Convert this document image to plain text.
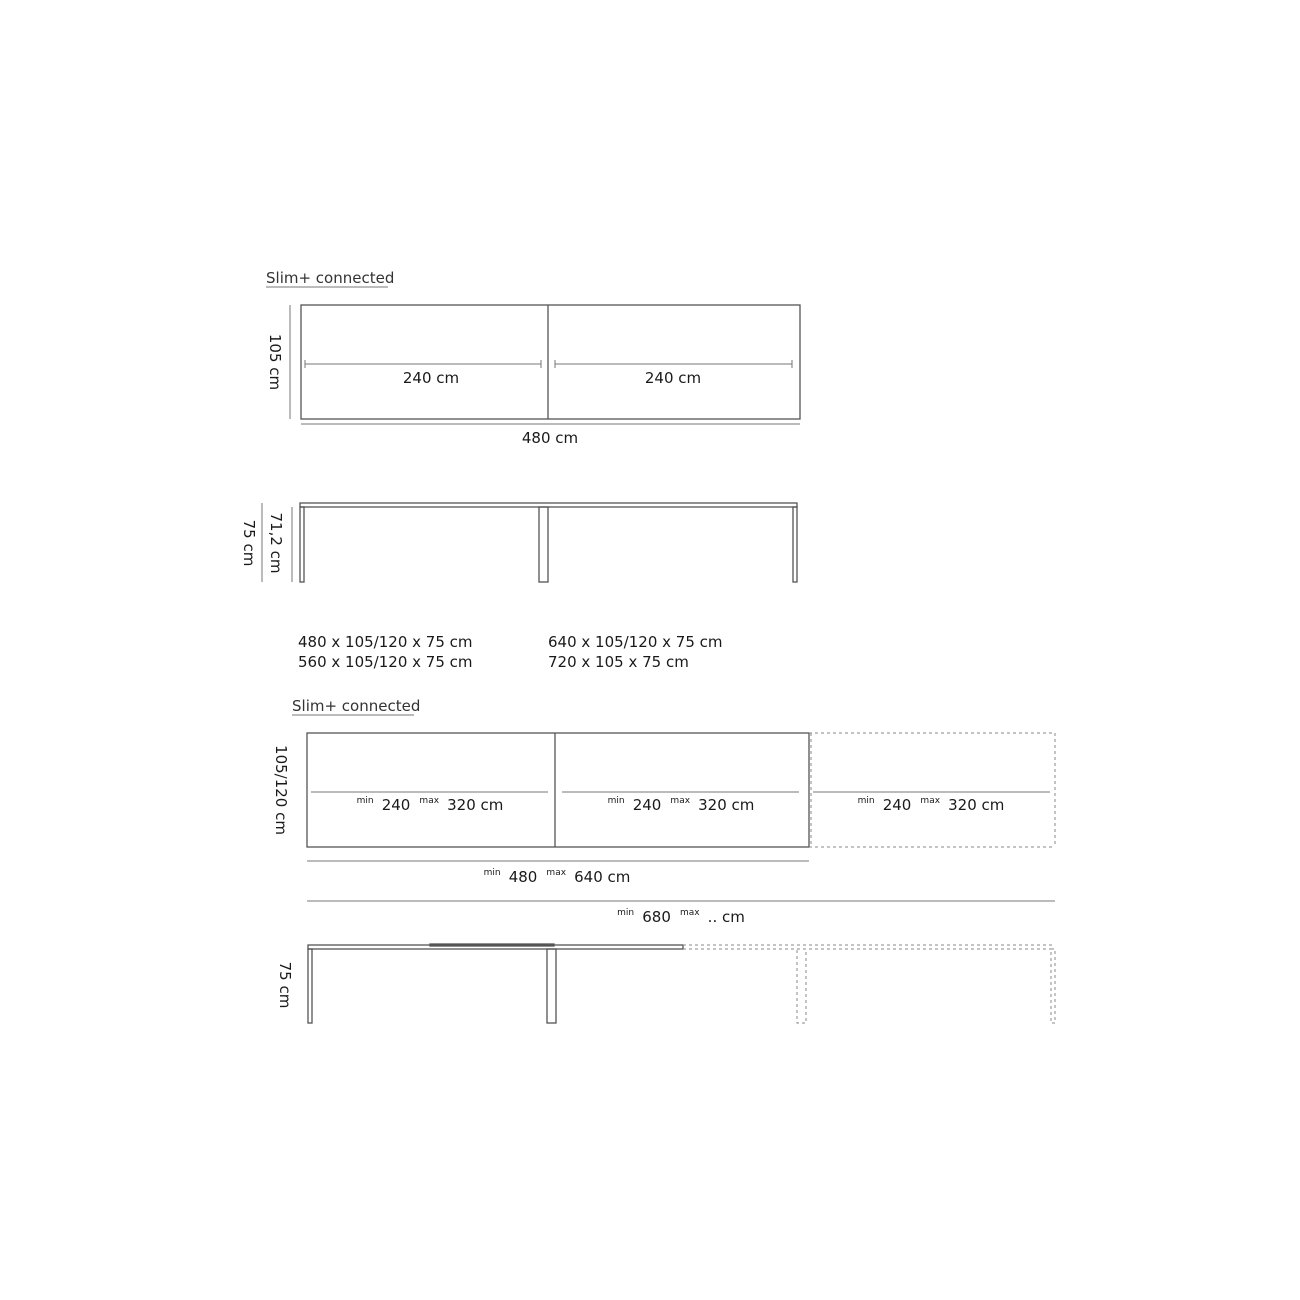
Slim+ connected
105 cm	240 cm	240 cm
480 cm
75 cm 71,2 cm
480 x 105/120 x 75 cm
560 x 105/120 x 75 cm
640 x 105/120 x 75 cm
720 x 105 x 75 cm
Slim+ connected
105/120 cm	$^{min}$ 240 $^{max}$ 320 cm	$^{min}$ 240 $^{max}$ 320 cm	$^{min}$ 240 $^{max}$ 320 cm
$^{min}$ 480 $^{max}$ 640 cm
$^{min}$ 680 $^{max}$ .. cm
75 cm
